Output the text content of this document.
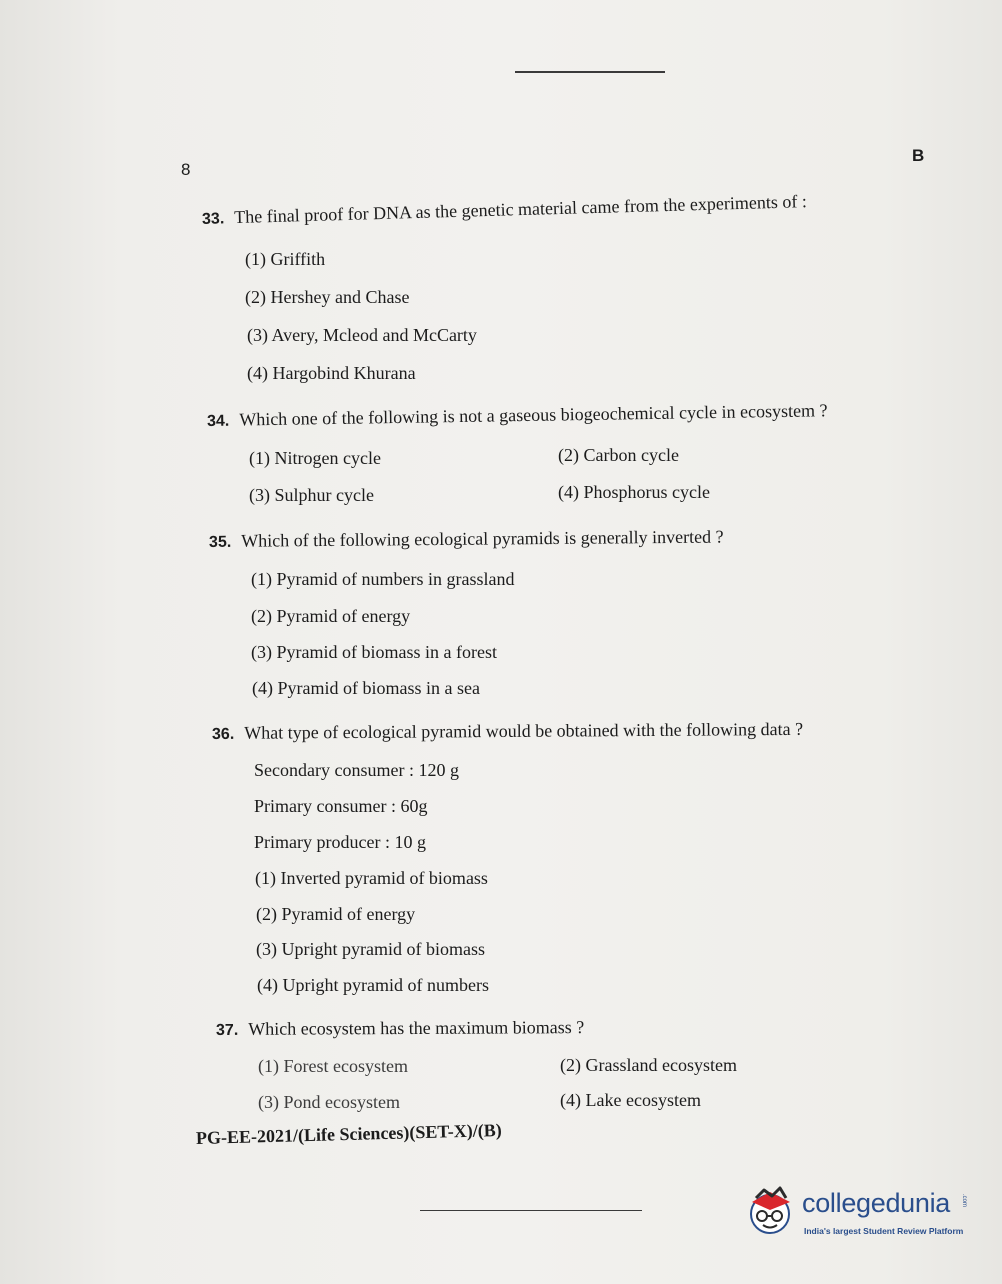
8
B
33. The final proof for DNA as the genetic material came from the experiments of :
(1) Griffith
(2) Hershey and Chase
(3) Avery, Mcleod and McCarty
(4) Hargobind Khurana
34. Which one of the following is not a gaseous biogeochemical cycle in ecosystem ?
(1) Nitrogen cycle	(2) Carbon cycle
(3) Sulphur cycle	(4) Phosphorus cycle
35. Which of the following ecological pyramids is generally inverted ?
(1) Pyramid of numbers in grassland
(2) Pyramid of energy
(3) Pyramid of biomass in a forest
(4) Pyramid of biomass in a sea
36. What type of ecological pyramid would be obtained with the following data ?
Secondary consumer : 120 g
Primary consumer : 60g
Primary producer : 10 g
(1) Inverted pyramid of biomass
(2) Pyramid of energy
(3) Upright pyramid of biomass
(4) Upright pyramid of numbers
37. Which ecosystem has the maximum biomass ?
(1) Forest ecosystem	(2) Grassland ecosystem
(3) Pond ecosystem	(4) Lake ecosystem
PG-EE-2021/(Life Sciences)(SET-X)/(B)
collegedunia .com
India's largest Student Review Platform
